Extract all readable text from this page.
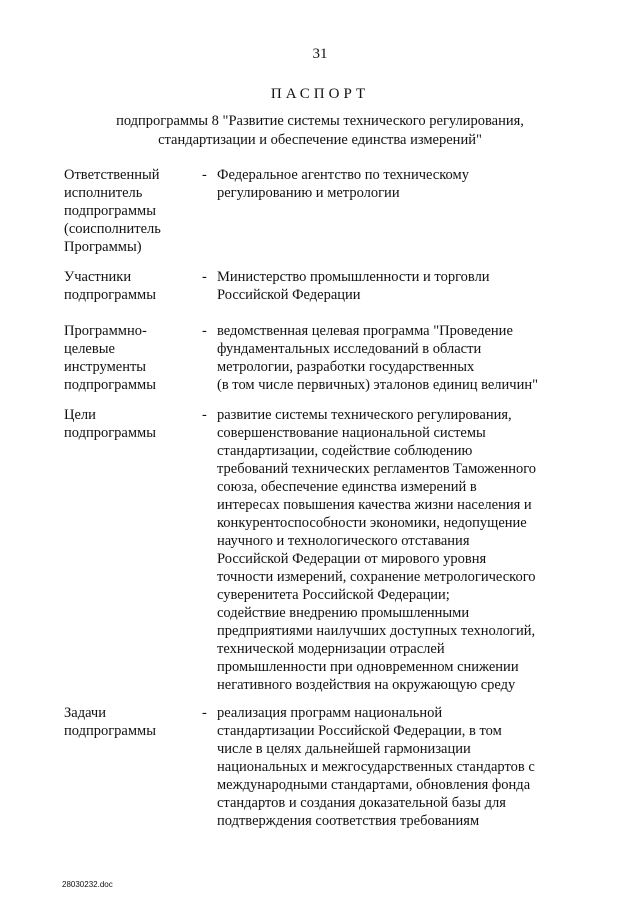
31
ПАСПОРТ
подпрограммы 8 "Развитие системы технического регулирования,
стандартизации и обеспечение единства измерений"
Ответственный
исполнитель
подпрограммы
(соисполнитель
Программы)
- Федеральное агентство по техническому
регулированию и метрологии
Участники
подпрограммы
- Министерство промышленности и торговли
Российской Федерации
Программно-
целевые
инструменты
подпрограммы
- ведомственная целевая программа "Проведение
фундаментальных исследований в области
метрологии, разработки государственных
(в том числе первичных) эталонов единиц величин"
Цели
подпрограммы
- развитие системы технического регулирования,
совершенствование национальной системы
стандартизации, содействие соблюдению
требований технических регламентов Таможенного
союза, обеспечение единства измерений в
интересах повышения качества жизни населения и
конкурентоспособности экономики, недопущение
научного и технологического отставания
Российской Федерации от мирового уровня
точности измерений, сохранение метрологического
суверенитета Российской Федерации;
содействие внедрению промышленными
предприятиями наилучших доступных технологий,
технической модернизации отраслей
промышленности при одновременном снижении
негативного воздействия на окружающую среду
Задачи
подпрограммы
- реализация программ национальной
стандартизации Российской Федерации, в том
числе в целях дальнейшей гармонизации
национальных и межгосударственных стандартов с
международными стандартами, обновления фонда
стандартов и создания доказательной базы для
подтверждения соответствия требованиям
28030232.doc
